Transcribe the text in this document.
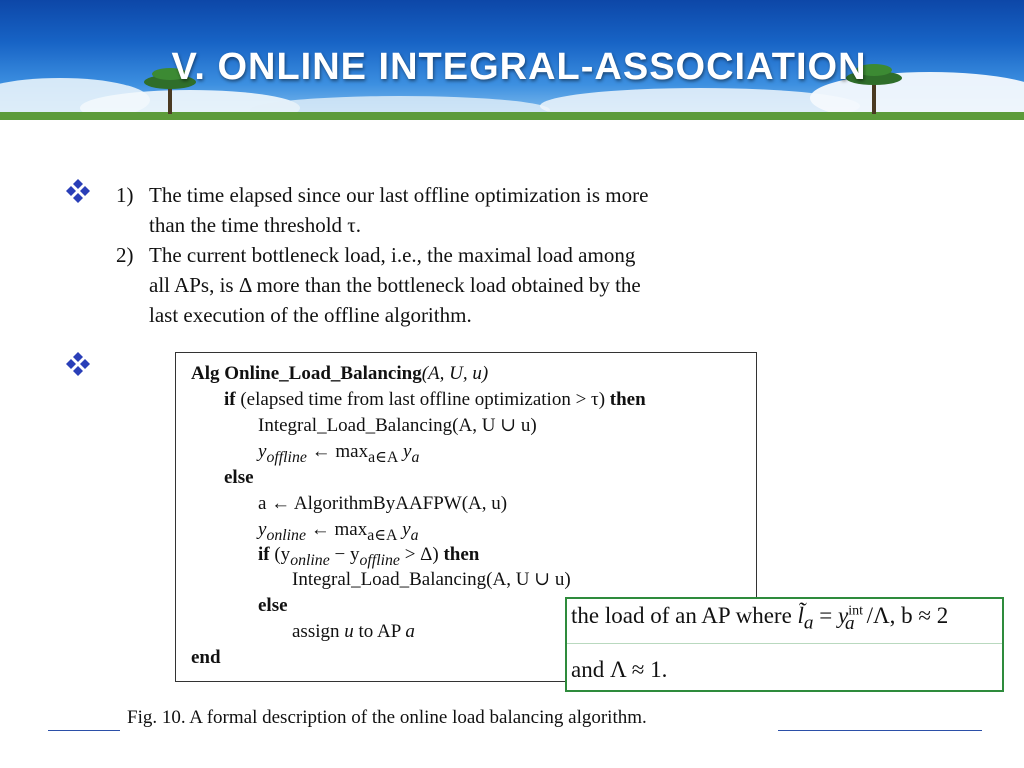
V. ONLINE INTEGRAL-ASSOCIATION
1) The time elapsed since our last offline optimization is more
than the time threshold τ.
2) The current bottleneck load, i.e., the maximal load among
all APs, is Δ more than the bottleneck load obtained by the
last execution of the offline algorithm.
Alg Online_Load_Balancing(A, U, u)
if (elapsed time from last offline optimization > τ) then
Integral_Load_Balancing(A, U ∪ u)
$y_{offline}$ ← $\max_{a\in A} y_a$
else
a ← AlgorithmByAAFPW(A, u)
$y_{online}$ ← $\max_{a\in A} y_a$
if $(y_{online} - y_{offline} > \Delta)$ then
Integral_Load_Balancing(A, U ∪ u)
else
assign u to AP a
end
the load of an AP where $l̃_a = y^{int}_a$ /Λ, b ≈ 2
and Λ ≈ 1.
Fig. 10. A formal description of the online load balancing algorithm.
